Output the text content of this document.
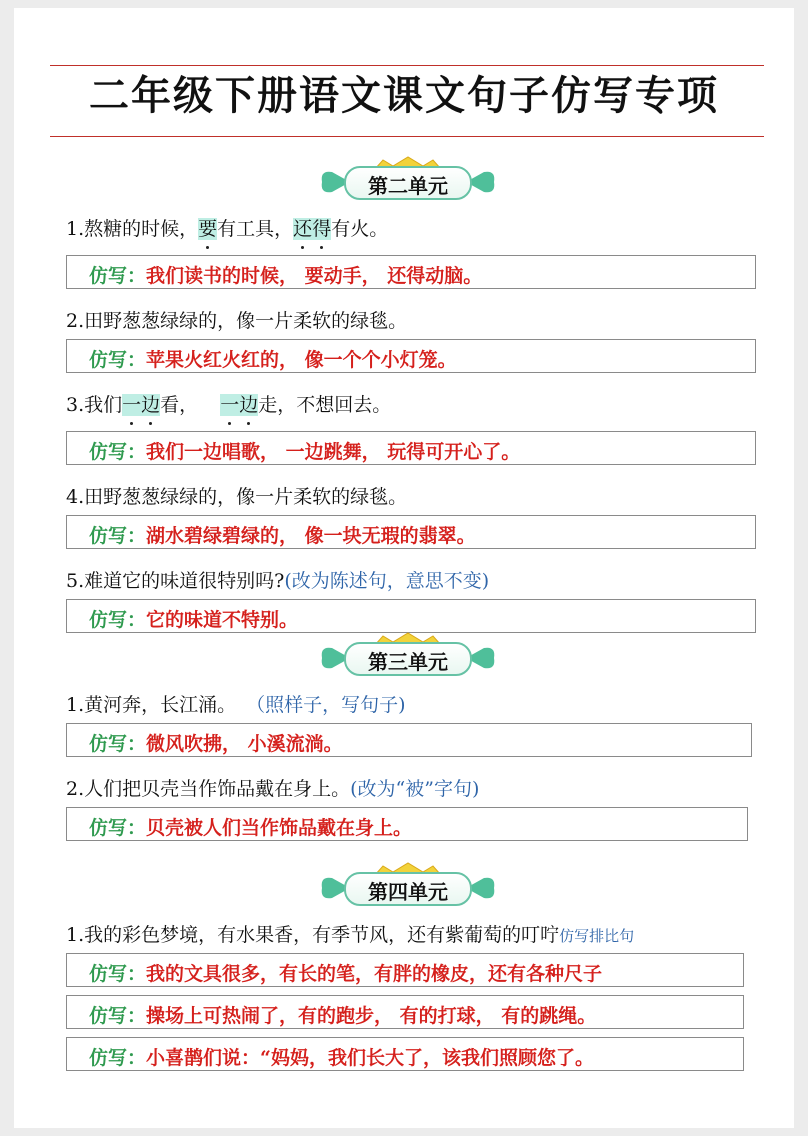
二年级下册语文课文句子仿写专项
第二单元
1.熬糖的时候，要有工具，还得有火。
仿写：我们读书的时候， 要动手， 还得动脑。
2.田野葱葱绿绿的，像一片柔软的绿毯。
仿写：苹果火红火红的， 像一个个小灯笼。
3.我们一边看， 一边走，不想回去。
仿写：我们一边唱歌， 一边跳舞， 玩得可开心了。
4.田野葱葱绿绿的，像一片柔软的绿毯。
仿写：湖水碧绿碧绿的， 像一块无瑕的翡翠。
5.难道它的味道很特别吗?(改为陈述句，意思不变)
仿写：它的味道不特别。
第三单元
1.黄河奔，长江涌。 （照样子，写句子)
仿写：微风吹拂， 小溪流淌。
2.人们把贝壳当作饰品戴在身上。(改为“被”字句)
仿写：贝壳被人们当作饰品戴在身上。
第四单元
1.我的彩色梦境，有水果香，有季节风，还有紫葡萄的叮咛仿写排比句
仿写：我的文具很多，有长的笔，有胖的橡皮，还有各种尺子
仿写：操场上可热闹了，有的跑步， 有的打球， 有的跳绳。
仿写：小喜鹊们说：“妈妈，我们长大了，该我们照顾您了。
